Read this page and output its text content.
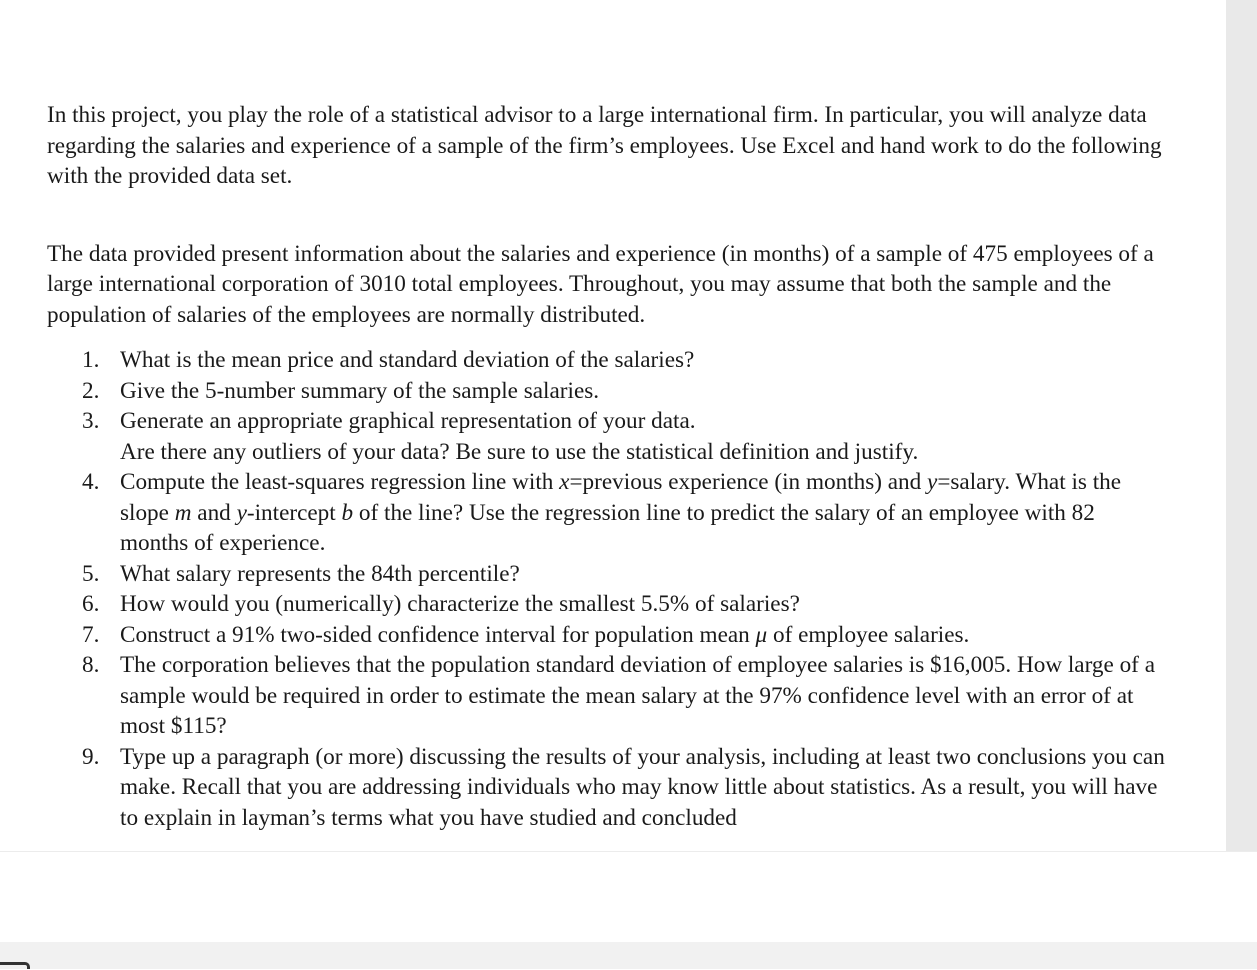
In this project, you play the role of a statistical advisor to a large international firm. In particular, you will analyze data regarding the salaries and experience of a sample of the firm’s employees. Use Excel and hand work to do the following with the provided data set.

The data provided present information about the salaries and experience (in months) of a sample of 475 employees of a large international corporation of 3010 total employees. Throughout, you may assume that both the sample and the population of salaries of the employees are normally distributed.

1. What is the mean price and standard deviation of the salaries?
2. Give the 5-number summary of the sample salaries.
3. Generate an appropriate graphical representation of your data.
Are there any outliers of your data? Be sure to use the statistical definition and justify.
4. Compute the least-squares regression line with x=previous experience (in months) and y=salary. What is the slope m and y-intercept b of the line? Use the regression line to predict the salary of an employee with 82 months of experience.
5. What salary represents the 84th percentile?
6. How would you (numerically) characterize the smallest 5.5% of salaries?
7. Construct a 91% two-sided confidence interval for population mean μ of employee salaries.
8. The corporation believes that the population standard deviation of employee salaries is $16,005. How large of a sample would be required in order to estimate the mean salary at the 97% confidence level with an error of at most $115?
9. Type up a paragraph (or more) discussing the results of your analysis, including at least two conclusions you can make. Recall that you are addressing individuals who may know little about statistics. As a result, you will have to explain in layman’s terms what you have studied and concluded
